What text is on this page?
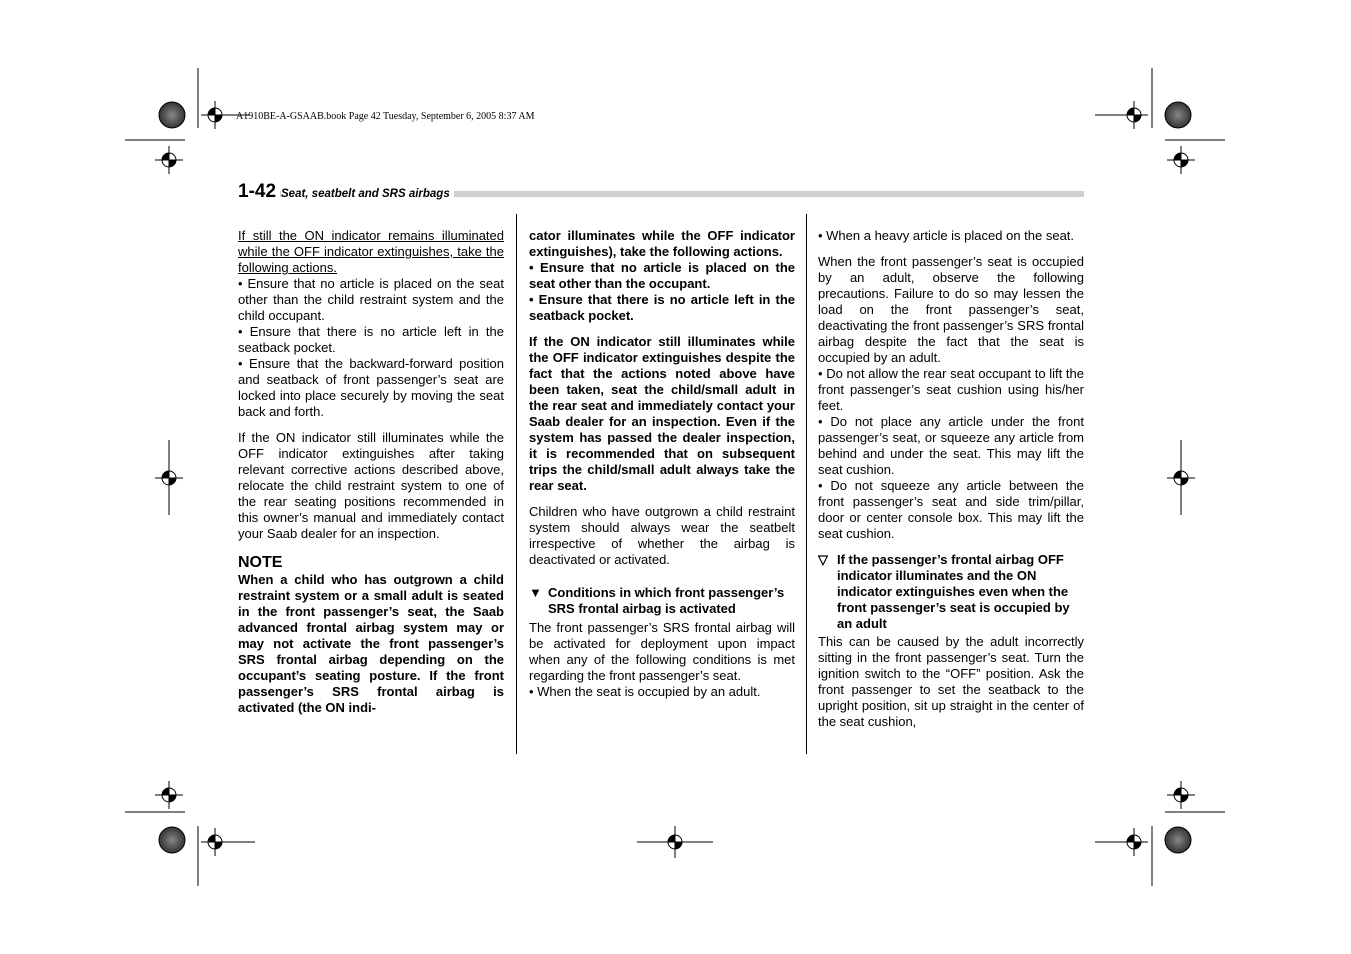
A1910BE-A-GSAAB.book Page 42 Tuesday, September 6, 2005 8:37 AM
1-42 Seat, seatbelt and SRS airbags

If still the ON indicator remains illuminated while the OFF indicator extinguishes, take the following actions.

• Ensure that no article is placed on the seat other than the child restraint system and the child occupant.

• Ensure that there is no article left in the seatback pocket.

• Ensure that the backward-forward position and seatback of front passenger’s seat are locked into place securely by moving the seat back and forth.

If the ON indicator still illuminates while the OFF indicator extinguishes after taking relevant corrective actions described above, relocate the child restraint system to one of the rear seating positions recommended in this owner’s manual and immediately contact your Saab dealer for an inspection.

NOTE

When a child who has outgrown a child restraint system or a small adult is seated in the front passenger’s seat, the Saab advanced frontal airbag system may or may not activate the front passenger’s SRS frontal airbag depending on the occupant’s seating posture. If the front passenger’s SRS frontal airbag is activated (the ON indi-

cator illuminates while the OFF indicator extinguishes), take the following actions.

• Ensure that no article is placed on the seat other than the occupant.

• Ensure that there is no article left in the seatback pocket.

If the ON indicator still illuminates while the OFF indicator extinguishes despite the fact that the actions noted above have been taken, seat the child/small adult in the rear seat and immediately contact your Saab dealer for an inspection. Even if the system has passed the dealer inspection, it is recommended that on subsequent trips the child/small adult always take the rear seat.

Children who have outgrown a child restraint system should always wear the seatbelt irrespective of whether the airbag is deactivated or activated.

▼ Conditions in which front passenger’s SRS frontal airbag is activated

The front passenger’s SRS frontal airbag will be activated for deployment upon impact when any of the following conditions is met regarding the front passenger’s seat.

• When the seat is occupied by an adult.

• When a heavy article is placed on the seat.

When the front passenger’s seat is occupied by an adult, observe the following precautions. Failure to do so may lessen the load on the front passenger’s seat, deactivating the front passenger’s SRS frontal airbag despite the fact that the seat is occupied by an adult.

• Do not allow the rear seat occupant to lift the front passenger’s seat cushion using his/her feet.

• Do not place any article under the front passenger’s seat, or squeeze any article from behind and under the seat. This may lift the seat cushion.

• Do not squeeze any article between the front passenger’s seat and side trim/pillar, door or center console box. This may lift the seat cushion.

▽ If the passenger’s frontal airbag OFF indicator illuminates and the ON indicator extinguishes even when the front passenger’s seat is occupied by an adult

This can be caused by the adult incorrectly sitting in the front passenger’s seat. Turn the ignition switch to the “OFF” position. Ask the front passenger to set the seatback to the upright position, sit up straight in the center of the seat cushion,
